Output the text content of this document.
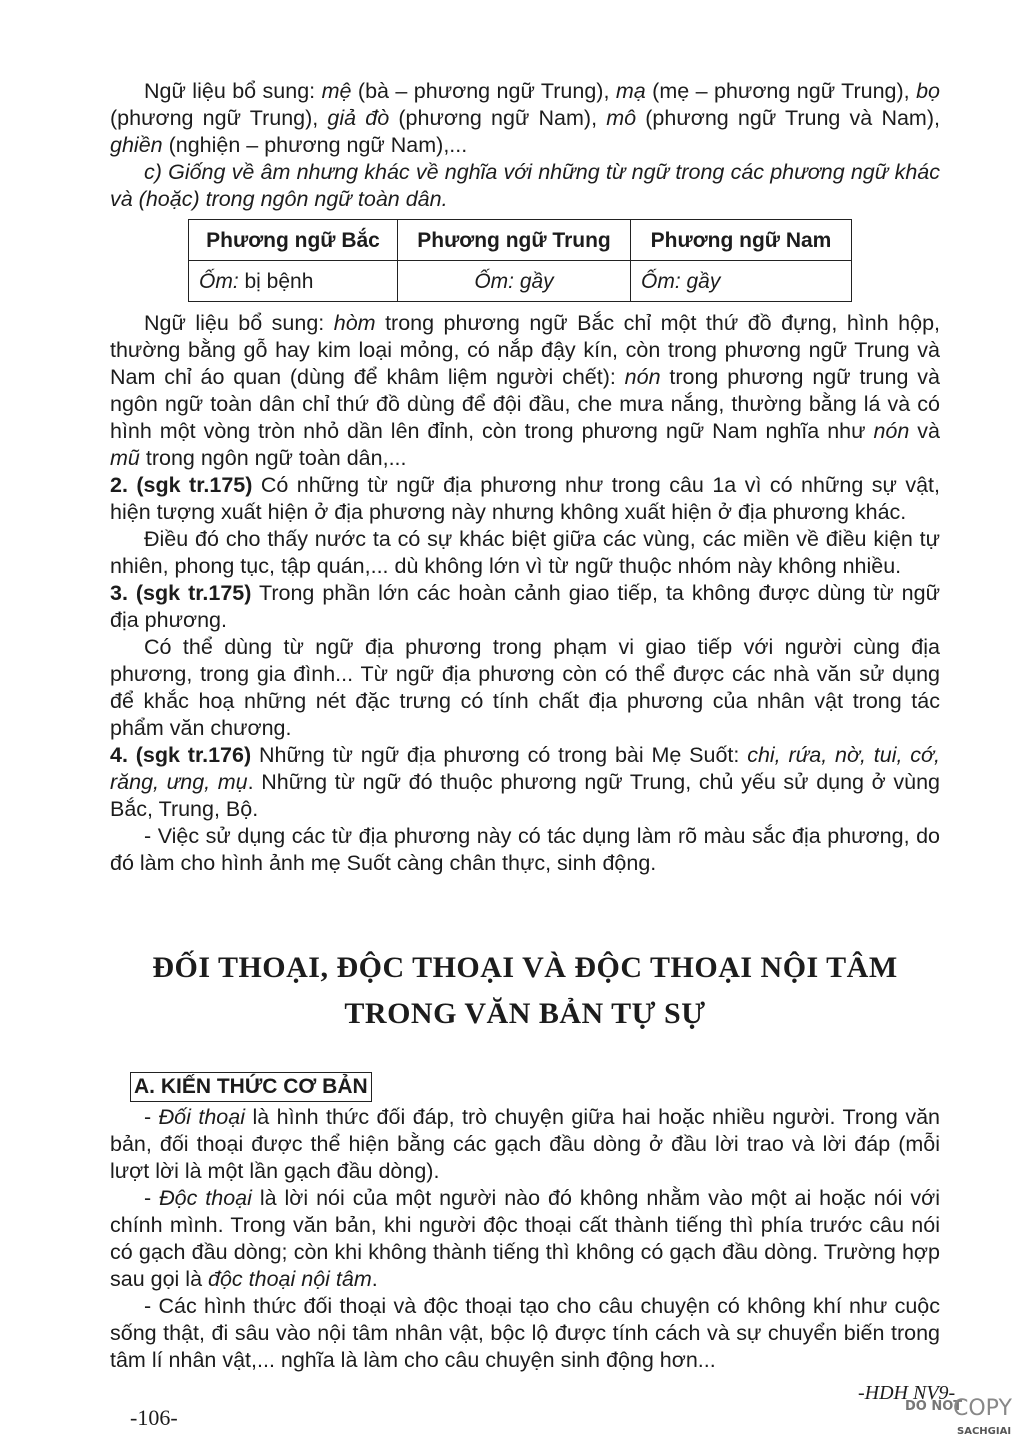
Ngữ liệu bổ sung: mệ (bà – phương ngữ Trung), mạ (mẹ – phương ngữ Trung), bọ (phương ngữ Trung), giả đò (phương ngữ Nam), mô (phương ngữ Trung và Nam), ghiền (nghiện – phương ngữ Nam),...

c) Giống về âm nhưng khác về nghĩa với những từ ngữ trong các phương ngữ khác và (hoặc) trong ngôn ngữ toàn dân.

Phương ngữ Bắc	Phương ngữ Trung	Phương ngữ Nam
Ốm: bị bệnh	Ốm: gầy	Ốm: gầy

Ngữ liệu bổ sung: hòm trong phương ngữ Bắc chỉ một thứ đồ đựng, hình hộp, thường bằng gỗ hay kim loại mỏng, có nắp đậy kín, còn trong phương ngữ Trung và Nam chỉ áo quan (dùng để khâm liệm người chết): nón trong phương ngữ trung và ngôn ngữ toàn dân chỉ thứ đồ dùng để đội đầu, che mưa nắng, thường bằng lá và có hình một vòng tròn nhỏ dần lên đỉnh, còn trong phương ngữ Nam nghĩa như nón và mũ trong ngôn ngữ toàn dân,...

2. (sgk tr.175) Có những từ ngữ địa phương như trong câu 1a vì có những sự vật, hiện tượng xuất hiện ở địa phương này nhưng không xuất hiện ở địa phương khác.

Điều đó cho thấy nước ta có sự khác biệt giữa các vùng, các miền về điều kiện tự nhiên, phong tục, tập quán,... dù không lớn vì từ ngữ thuộc nhóm này không nhiều.

3. (sgk tr.175) Trong phần lớn các hoàn cảnh giao tiếp, ta không được dùng từ ngữ địa phương.

Có thể dùng từ ngữ địa phương trong phạm vi giao tiếp với người cùng địa phương, trong gia đình... Từ ngữ địa phương còn có thể được các nhà văn sử dụng để khắc hoạ những nét đặc trưng có tính chất địa phương của nhân vật trong tác phẩm văn chương.

4. (sgk tr.176) Những từ ngữ địa phương có trong bài Mẹ Suốt: chi, rứa, nờ, tui, cớ, răng, ưng, mụ. Những từ ngữ đó thuộc phương ngữ Trung, chủ yếu sử dụng ở vùng Bắc, Trung, Bộ.

- Việc sử dụng các từ địa phương này có tác dụng làm rõ màu sắc địa phương, do đó làm cho hình ảnh mẹ Suốt càng chân thực, sinh động.

ĐỐI THOẠI, ĐỘC THOẠI VÀ ĐỘC THOẠI NỘI TÂM
TRONG VĂN BẢN TỰ SỰ
A. KIẾN THỨC CƠ BẢN

- Đối thoại là hình thức đối đáp, trò chuyện giữa hai hoặc nhiều người. Trong văn bản, đối thoại được thể hiện bằng các gạch đầu dòng ở đầu lời trao và lời đáp (mỗi lượt lời là một lần gạch đầu dòng).

- Độc thoại là lời nói của một người nào đó không nhằm vào một ai hoặc nói với chính mình. Trong văn bản, khi người độc thoại cất thành tiếng thì phía trước câu nói có gạch đầu dòng; còn khi không thành tiếng thì không có gạch đầu dòng. Trường hợp sau gọi là độc thoại nội tâm.

- Các hình thức đối thoại và độc thoại tạo cho câu chuyện có không khí như cuộc sống thật, đi sâu vào nội tâm nhân vật, bộc lộ được tính cách và sự chuyển biến trong tâm lí nhân vật,... nghĩa là làm cho câu chuyện sinh động hơn...

-106-
-HDH NV9-
DO NOT
COPY
SACHGIAI
